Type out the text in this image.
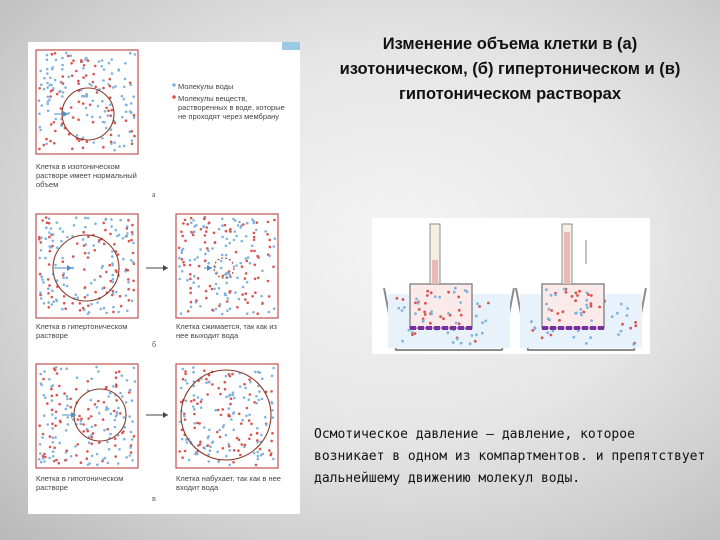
Молекулы воды
Молекулы веществ, растворенных в воде, которые не проходят через мембрану
Клетка в изотоническом растворе имеет нормальный объем
а
Клетка в гипертоническом растворе
Клетка сжимается, так как из нее выходит вода
б
Клетка в гипотоническом растворе
Клетка набухает, так как в нее входит вода
в
Изменение объема клетки в (а) изотоническом, (б) гипертоническом и (в) гипотоническом растворах
Осмотическое давление – давление, которое возникает в одном из компартментов. и препятствует дальнейшему движению молекул воды.
